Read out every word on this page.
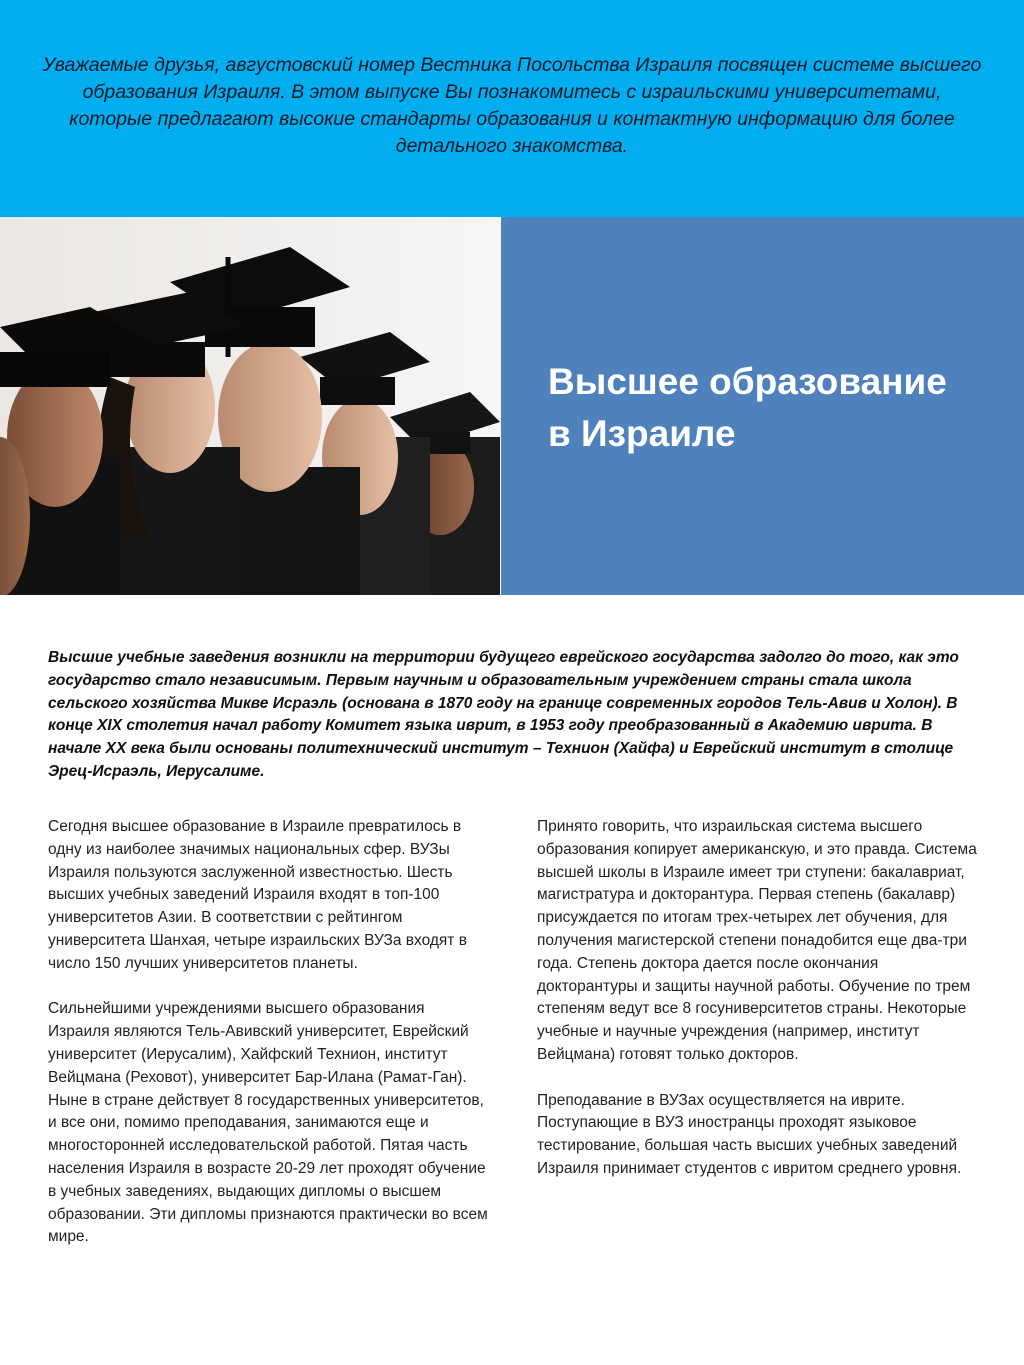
Уважаемые друзья, августовский номер Вестника Посольства Израиля посвящен системе высшего образования Израиля. В этом выпуске Вы познакомитесь с израильскими университетами, которые предлагают высокие стандарты образования и контактную информацию для более детального знакомства.
Высшее образование
в Израиле
Высшие учебные заведения возникли на территории будущего еврейского государства задолго до того, как это государство стало независимым. Первым научным и образовательным учреждением страны стала школа сельского хозяйства Микве Исраэль (основана в 1870 году на границе современных городов Тель-Авив и Холон). В конце XIX столетия начал работу Комитет языка иврит, в 1953 году преобразованный в Академию иврита. В начале XX века были основаны политехнический институт – Технион (Хайфа) и Еврейский институт в столице Эрец-Исраэль, Иерусалиме.

Сегодня высшее образование в Израиле превратилось в одну из наиболее значимых национальных сфер. ВУЗы Израиля пользуются заслуженной известностью. Шесть высших учебных заведений Израиля входят в топ-100 университетов Азии. В соответствии с рейтингом университета Шанхая, четыре израильских ВУЗа входят в число 150 лучших университетов планеты.

Сильнейшими учреждениями высшего образования Израиля являются Тель-Авивский университет, Еврейский университет (Иерусалим), Хайфский Технион, институт Вейцмана (Реховот), университет Бар-Илана (Рамат-Ган). Ныне в стране действует 8 государственных университетов, и все они, помимо преподавания, занимаются еще и многосторонней исследовательской работой. Пятая часть населения Израиля в возрасте 20-29 лет проходят обучение в учебных заведениях, выдающих дипломы о высшем образовании. Эти дипломы признаются практически во всем мире.

Принято говорить, что израильская система высшего образования копирует американскую, и это правда. Система высшей школы в Израиле имеет три ступени: бакалавриат, магистратура и докторантура. Первая степень (бакалавр) присуждается по итогам трех-четырех лет обучения, для получения магистерской степени понадобится еще два-три года. Степень доктора дается после окончания докторантуры и защиты научной работы. Обучение по трем степеням ведут все 8 госуниверситетов страны. Некоторые учебные и научные учреждения (например, институт Вейцмана) готовят только докторов.

Преподавание в ВУЗах осуществляется на иврите. Поступающие в ВУЗ иностранцы проходят языковое тестирование, большая часть высших учебных заведений Израиля принимает студентов с ивритом среднего уровня.
